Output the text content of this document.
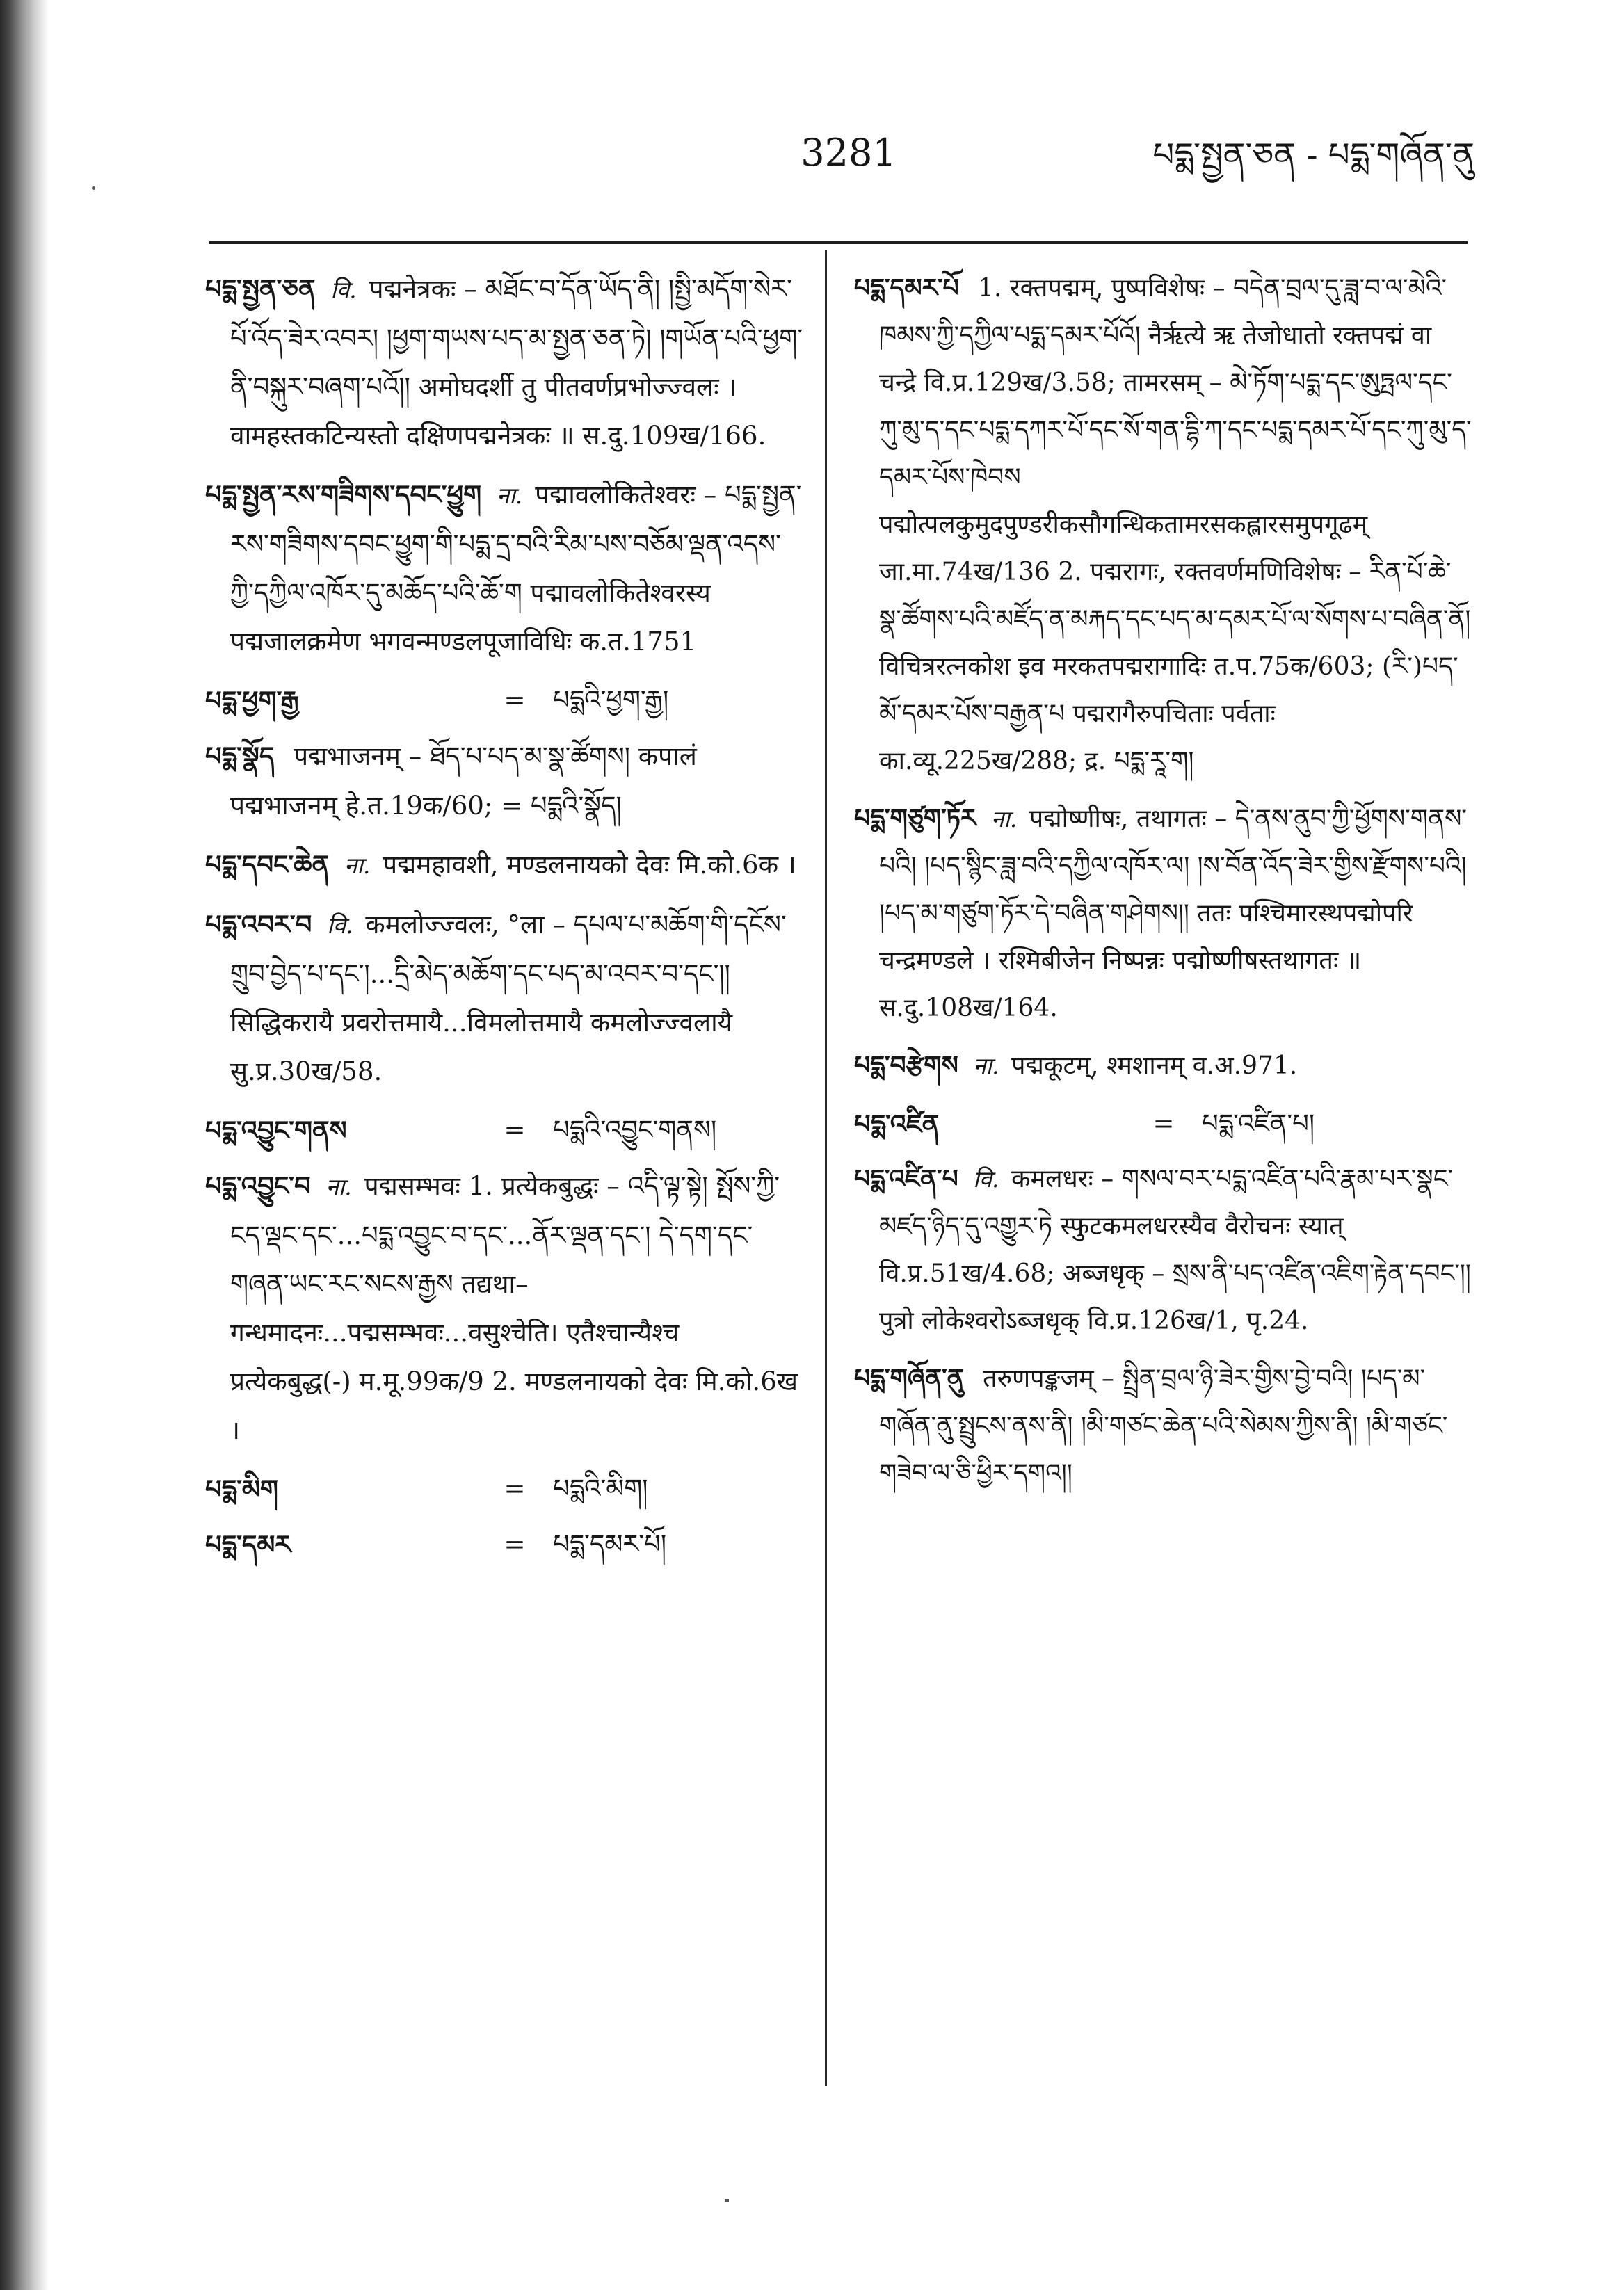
3281	པདྨ་སྤྱན་ཅན - པདྨ་གཞོན་ནུ

པདྨ་སྤྱན་ཅན वि. पद्मनेत्रकः – མཐོང་བ་དོན་ཡོད་ནི། །སྤྱི་མདོག་སེར་པོ་འོད་ཟེར་འབར། །ཕྱག་གཡས་པད་མ་སྤྱན་ཅན་ཏེ། །གཡོན་པའི་ཕྱག་ནི་བསྐུར་བཞག་པའོ།། अमोघदर्शी तु पीतवर्णप्रभोज्ज्वलः । वामहस्तकटिन्यस्तो दक्षिणपद्मनेत्रकः ॥ स.दु.109ख/166.

པདྨ་སྤྱན་རས་གཟིགས་དབང་ཕྱུག ना. पद्मावलोकितेश्वरः – པདྨ་སྤྱན་རས་གཟིགས་དབང་ཕྱུག་གི་པདྨ་དྲ་བའི་རིམ་པས་བཅོམ་ལྡན་འདས་ཀྱི་དཀྱིལ་འཁོར་དུ་མཆོད་པའི་ཆོ་ག पद्मावलोकितेश्वरस्य पद्मजालक्रमेण भगवन्मण्डलपूजाविधिः क.त.1751

པདྨ་ཕྱག་རྒྱ	=	པདྨའི་ཕྱག་རྒྱ།

པདྨ་སྣོད पद्मभाजनम् – ཐོད་པ་པད་མ་སྣ་ཚོགས། कपालं पद्मभाजनम् हे.त.19क/60; = པདྨའི་སྣོད།

པདྨ་དབང་ཆེན ना. पद्ममहावशी, मण्डलनायको देवः मि.को.6क ।

པདྨ་འབར་བ वि. कमलोज्ज्वलः, °ला – དཔལ་པ་མཆོག་གི་དངོས་གྲུབ་བྱེད་པ་དང་།...དྲི་མེད་མཆོག་དང་པད་མ་འབར་བ་དང་།། सिद्धिकरायै प्रवरोत्तमायै...विमलोत्तमायै कमलोज्ज्वलायै सु.प्र.30ख/58.

པདྨ་འབྱུང་གནས	=	པདྨའི་འབྱུང་གནས།

པདྨ་འབྱུང་བ ना. पद्मसम्भवः 1. प्रत्येकबुद्धः – འདི་ལྟ་སྟེ། སྤོས་ཀྱི་ངད་ལྡང་དང་...པདྨ་འབྱུང་བ་དང་...ནོར་ལྡན་དང་། དེ་དག་དང་གཞན་ཡང་རང་སངས་རྒྱས तद्यथा– गन्धमादनः...पद्मसम्भवः...वसुश्चेति। एतैश्चान्यैश्च प्रत्येकबुद्ध(-) म.मू.99क/9 2. मण्डलनायको देवः मि.को.6ख ।

པདྨ་མིག	=	པདྨའི་མིག།
པདྨ་དམར	=	པདྨ་དམར་པོ།

པདྨ་དམར་པོ 1. रक्तपद्मम्, पुष्पविशेषः – བདེན་བྲལ་དུ་ཟླ་བ་ལ་མེའི་ཁམས་ཀྱི་དཀྱིལ་པདྨ་དམར་པོའོ། नैर्ऋत्ये ऋ तेजोधातो रक्तपद्मं वा चन्द्रे वि.प्र.129ख/3.58; तामरसम् – མེ་ཏོག་པདྨ་དང་ཨུཏྤལ་དང་ཀུ་མུ་ད་དང་པདྨ་དཀར་པོ་དང་སོ་གན་དྷི་ཀ་དང་པདྨ་དམར་པོ་དང་ཀུ་མུ་ད་དམར་པོས་ཁེབས पद्मोत्पलकुमुदपुण्डरीकसौगन्धिकतामरसकह्लारसमुपगूढम् जा.मा.74ख/136 2. पद्मरागः, रक्तवर्णमणिविशेषः – རིན་པོ་ཆེ་སྣ་ཚོགས་པའི་མཛོད་ན་མརྐད་དང་པད་མ་དམར་པོ་ལ་སོགས་པ་བཞིན་ནོ། विचित्ररत्नकोश इव मरकतपद्मरागादिः त.प.75क/603; (རི་)པད་མོ་དམར་པོས་བརྒྱན་པ पद्मरागैरुपचिताः पर्वताः का.व्यू.225ख/288; द्र. པདྨ་རཱ་ག།

པདྨ་གཙུག་ཏོར ना. पद्मोष्णीषः, तथागतः – དེ་ནས་ནུབ་ཀྱི་ཕྱོགས་གནས་པའི། །པད་སྙིང་ཟླ་བའི་དཀྱིལ་འཁོར་ལ། །ས་བོན་འོད་ཟེར་གྱིས་རྫོགས་པའི། །པད་མ་གཙུག་ཏོར་དེ་བཞིན་གཤེགས།། ततः पश्चिमारस्थपद्मोपरि चन्द्रमण्डले । रश्मिबीजेन निष्पन्नः पद्मोष्णीषस्तथागतः ॥ स.दु.108ख/164.

པདྨ་བརྩེགས ना. पद्मकूटम्, श्मशानम् व.अ.971.

པདྨ་འཛིན	=	པདྨ་འཛིན་པ།

པདྨ་འཛིན་པ वि. कमलधरः – གསལ་བར་པདྨ་འཛིན་པའི་རྣམ་པར་སྣང་མཛད་ཉིད་དུ་འགྱུར་ཏེ स्फुटकमलधरस्यैव वैरोचनः स्यात् वि.प्र.51ख/4.68; अब्जधृक् – སྲས་ནི་པད་འཛིན་འཇིག་རྟེན་དབང་།། पुत्रो लोकेश्वरोऽब्जधृक् वि.प्र.126ख/1, पृ.24.

པདྨ་གཞོན་ནུ तरुणपङ्कजम् – སྤྲིན་བྲལ་ཉི་ཟེར་གྱིས་བྱེ་བའི། །པད་མ་གཞོན་ནུ་སྤྲུངས་ནས་ནི། །མི་གཙང་ཆེན་པའི་སེམས་ཀྱིས་ནི། །མི་གཙང་གཟེབ་ལ་ཅི་ཕྱིར་དགའ།།
